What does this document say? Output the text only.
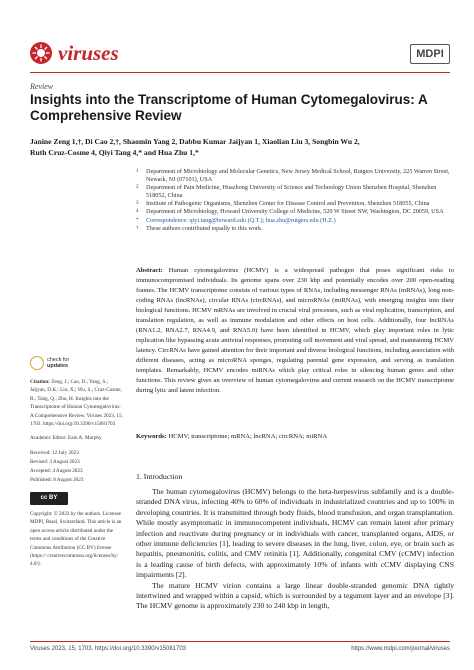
viruses	MDPI
Review
Insights into the Transcriptome of Human Cytomegalovirus: A Comprehensive Review
Janine Zeng 1,†, Di Cao 2,†, Shaomin Yang 2, Dabbu Kumar Jaijyan 1, Xiaolian Liu 3, Songbin Wu 2,
Ruth Cruz-Cosme 4, Qiyi Tang 4,* and Hua Zhu 1,*
1	Department of Microbiology and Molecular Genetics, New Jersey Medical School, Rutgers University, 225 Warren Street, Newark, NJ (07101), USA
2	Department of Pain Medicine, Huazhong University of Science and Technology Union Shenzhen Hospital, Shenzhen 518052, China
3	Institute of Pathogenic Organisms, Shenzhen Center for Disease Control and Prevention, Shenzhen 518055, China
4	Department of Microbiology, Howard University College of Medicine, 520 W Street NW, Washington, DC 20059, USA
*	Correspondence: qiyi.tang@howard.edu (Q.T.); hua.zhu@rutgers.edu (H.Z.)
†	These authors contributed equally to this work.
Abstract: Human cytomegalovirus (HCMV) is a widespread pathogen that poses significant risks to immunocompromised individuals. Its genome spans over 230 kbp and potentially encodes over 200 open-reading frames. The HCMV transcriptome consists of various types of RNAs, including messenger RNAs (mRNAs), long non-coding RNAs (lncRNAs), circular RNAs (circRNAs), and microRNAs (miRNAs), with emerging insights into their biological functions. HCMV mRNAs are involved in crucial viral processes, such as viral replication, transcription, and translation regulation, as well as immune modulation and other effects on host cells. Additionally, four lncRNAs (RNA1.2, RNA2.7, RNA4.9, and RNA5.0) have been identified in HCMV, which play important roles in lytic replication like bypassing acute antiviral responses, promoting cell movement and viral spread, and maintaining HCMV latency. CircRNAs have gained attention for their important and diverse biological functions, including association with different diseases, acting as microRNA sponges, regulating parental gene expression, and serving as translation templates. Remarkably, HCMV encodes miRNAs which play critical roles in silencing human genes and other functions. This review gives an overview of human cytomegalovirus and current research on the HCMV transcriptome during lytic and latent infection.
Keywords: HCMV; transcriptome; mRNA; lncRNA; circRNA; miRNA
check for
updates
Citation: Zeng, J.; Cao, D.; Yang, S.; Jaijyan, D.K.; Liu, X.; Wu, S.; Cruz-Cosme, R.; Tang, Q.; Zhu, H. Insights into the Transcriptome of Human Cytomegalovirus: A Comprehensive Review. Viruses 2023, 15, 1703. https://doi.org/10.3390/v15081703
Academic Editor: Eain A. Murphy
Received: 12 July 2023
Revised: 3 August 2023
Accepted: 4 August 2023
Published: 8 August 2023
cc BY
Copyright: © 2023 by the authors. Licensee MDPI, Basel, Switzerland. This article is an open access article distributed under the terms and conditions of the Creative Commons Attribution (CC BY) license (https:// creativecommons.org/licenses/by/ 4.0/).
1. Introduction

The human cytomegalovirus (HCMV) belongs to the beta-herpesvirus subfamily and is a double-stranded DNA virus, infecting 40% to 60% of individuals in industrialized countries and up to 100% in developing countries. It is transmitted through body fluids, blood transfusion, and organ transplantation. While mostly asymptomatic in immunocompetent individuals, HCMV can remain latent after primary infection and reactivate during pregnancy or in individuals with cancer, transplanted organs, AIDS, or other immune deficiencies [1], leading to severe diseases in the lung, liver, colon, eye, or brain such as hepatitis, pneumonitis, colitis, and CMV retinitis [1]. Additionally, congenital CMV (cCMV) infection is a leading cause of birth defects, with approximately 10% of infants with cCMV displaying CNS impairments [2].

The mature HCMV virion contains a large linear double-stranded genomic DNA tightly intertwined and wrapped within a capsid, which is surrounded by a tegument layer and an envelope [3]. The HCMV genome is approximately 230 to 240 kbp in length,

Viruses 2023, 15, 1703. https://doi.org/10.3390/v15081703	https://www.mdpi.com/journal/viruses
